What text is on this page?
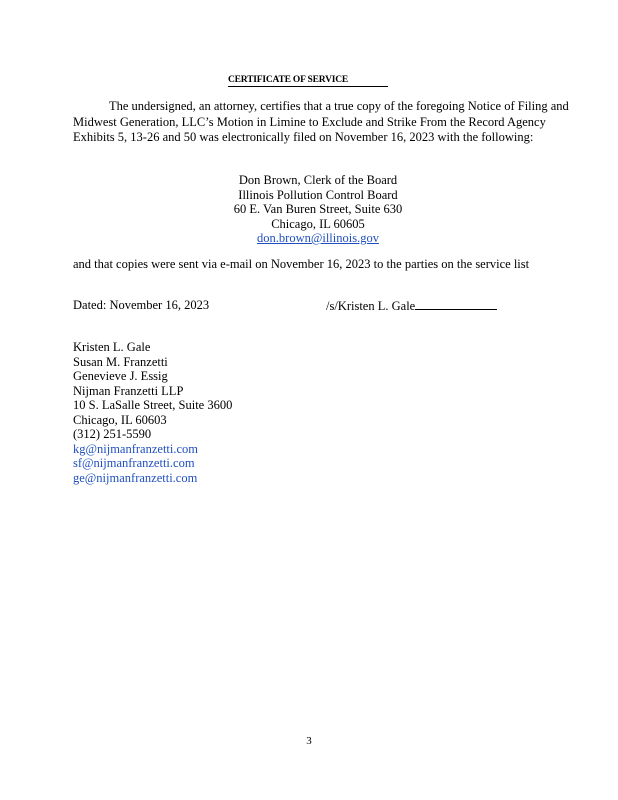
CERTIFICATE OF SERVICE
The undersigned, an attorney, certifies that a true copy of the foregoing Notice of Filing and Midwest Generation, LLC’s Motion in Limine to Exclude and Strike From the Record Agency Exhibits 5, 13-26 and 50 was electronically filed on November 16, 2023 with the following:
Don Brown, Clerk of the Board
Illinois Pollution Control Board
60 E. Van Buren Street, Suite 630
Chicago, IL 60605
don.brown@illinois.gov
and that copies were sent via e-mail on November 16, 2023 to the parties on the service list
Dated: November 16, 2023	/s/Kristen L. Gale
Kristen L. Gale
Susan M. Franzetti
Genevieve J. Essig
Nijman Franzetti LLP
10 S. LaSalle Street, Suite 3600
Chicago, IL 60603
(312) 251-5590
kg@nijmanfranzetti.com
sf@nijmanfranzetti.com
ge@nijmanfranzetti.com
3
